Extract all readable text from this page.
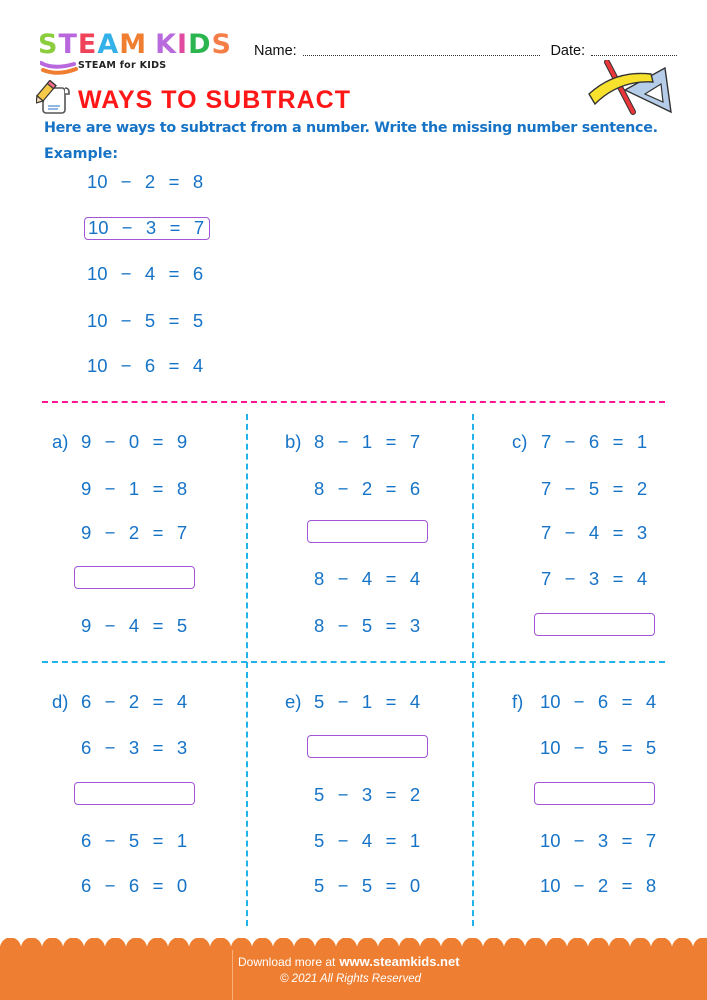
STEAM KIDS
STEAM for KIDS
Name:	Date:
WAYS TO SUBTRACT
Here are ways to subtract from a number. Write the missing number sentence.
Example:
10 − 2 = 8
10 − 3 = 7
10 − 4 = 6
10 − 5 = 5
10 − 6 = 4
a) 9 − 0 = 9
9 − 1 = 8
9 − 2 = 7
9 − 4 = 5
b) 8 − 1 = 7
8 − 2 = 6
8 − 4 = 4
8 − 5 = 3
c) 7 − 6 = 1
7 − 5 = 2
7 − 4 = 3
7 − 3 = 4
d) 6 − 2 = 4
6 − 3 = 3
6 − 5 = 1
6 − 6 = 0
e) 5 − 1 = 4
5 − 3 = 2
5 − 4 = 1
5 − 5 = 0
f) 10 − 6 = 4
10 − 5 = 5
10 − 3 = 7
10 − 2 = 8
Download more at www.steamkids.net
© 2021 All Rights Reserved
